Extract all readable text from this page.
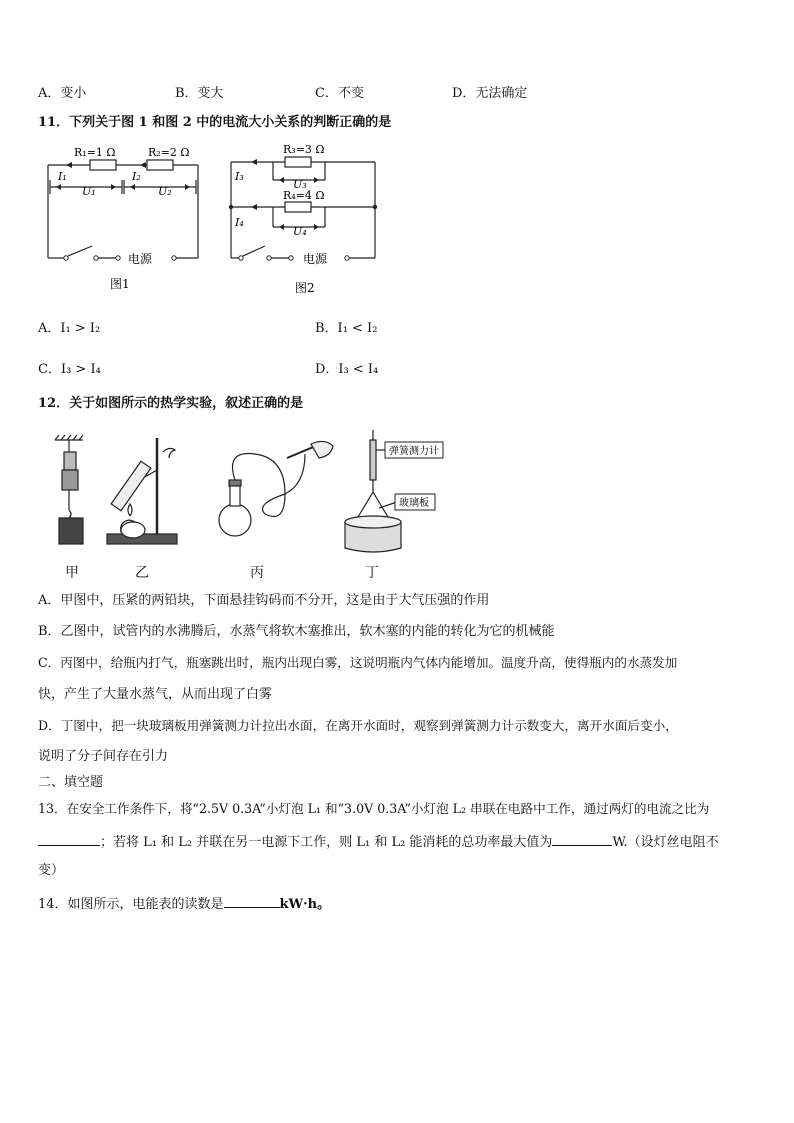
A．变小	B．变大	C．不变	D．无法确定
11．下列关于图 1 和图 2 中的电流大小关系的判断正确的是
R₁=1 Ω	R₂=2 Ω
I₁	I₂
U₁	U₂
电源
图1
R₃=3 Ω
R₄=4 Ω
I₃
I₄
U₃
U₄
电源
图2
A．I₁ > I₂	B．I₁ < I₂
C．I₃ > I₄	D．I₃ < I₄
12．关于如图所示的热学实验，叙述正确的是
弹簧测力计
玻璃板
甲	乙	丙	丁
A．甲图中，压紧的两铅块，下面悬挂钩码而不分开，这是由于大气压强的作用
B．乙图中，试管内的水沸腾后，水蒸气将软木塞推出，软木塞的内能的转化为它的机械能
C．丙图中，给瓶内打气，瓶塞跳出时，瓶内出现白雾，这说明瓶内气体内能增加。温度升高，使得瓶内的水蒸发加
快，产生了大量水蒸气，从而出现了白雾
D．丁图中，把一块玻璃板用弹簧测力计拉出水面，在离开水面时，观察到弹簧测力计示数变大，离开水面后变小，
说明了分子间存在引力
二、填空题
13．在安全工作条件下，将“2.5V 0.3A”小灯泡 L₁ 和“3.0V 0.3A”小灯泡 L₂ 串联在电路中工作，通过两灯的电流之比为
；若将 L₁ 和 L₂ 并联在另一电源下工作，则 L₁ 和 L₂ 能消耗的总功率最大值为	W.（设灯丝电阻不
变）
14．如图所示，电能表的读数是	kW·h。
